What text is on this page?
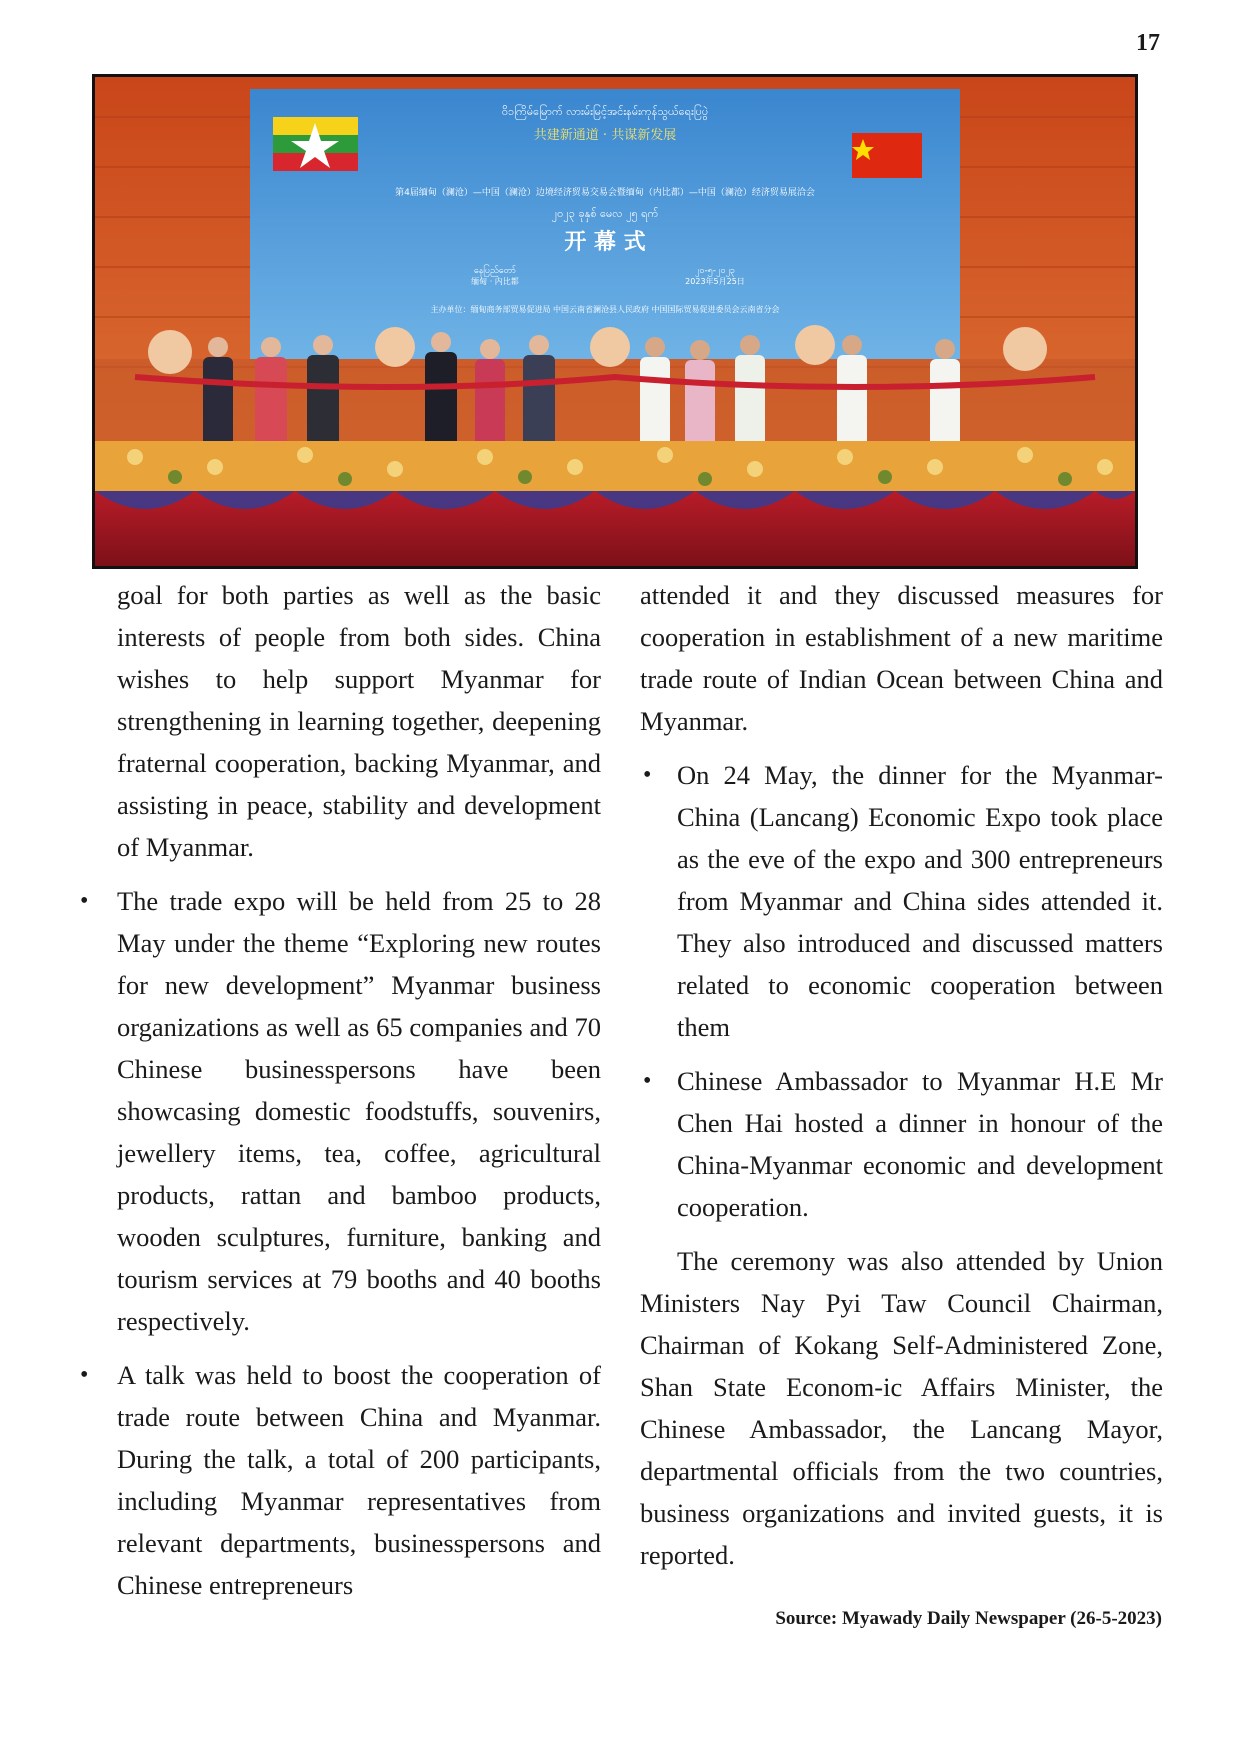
17
ဝိ၁ကြိမ်မြောက် လားမ်းမြင့်အင်းနမ်းကုန်သွယ်ရေးပြပွဲ
共建新通道 · 共谋新发展
第4届缅甸（澜沧）—中国（澜沧）边境经济贸易交易会暨缅甸（内比都）—中国（澜沧）经济贸易展洽会
၂၀၂၃ ခုနှစ် မေလ ၂၅ ရက်
开 幕 式
နေပြည်တော်
缅甸 · 内比都
၂၀-၅-၂၀၂၃
2023年5月25日
主办单位：缅甸商务部贸易促进局 中国云南省澜沧县人民政府 中国国际贸易促进委员会云南省分会

goal for both parties as well as the basic interests of people from both sides. China wishes to help support Myanmar for strengthening in learning together, deepening fraternal cooperation, backing Myanmar, and assisting in peace, stability and development of Myanmar.

• The trade expo will be held from 25 to 28 May under the theme “Exploring new routes for new development” Myanmar business organizations as well as 65 companies and 70 Chinese businesspersons have been showcasing domestic foodstuffs, souvenirs, jewellery items, tea, coffee, agricultural products, rattan and bamboo products, wooden sculptures, furniture, banking and tourism services at 79 booths and 40 booths respectively.
• A talk was held to boost the cooperation of trade route between China and Myanmar. During the talk, a total of 200 participants, including Myanmar representatives from relevant departments, businesspersons and Chinese entrepreneurs

attended it and they discussed measures for cooperation in establishment of a new maritime trade route of Indian Ocean between China and Myanmar.

• On 24 May, the dinner for the Myanmar-China (Lancang) Economic Expo took place as the eve of the expo and 300 entrepreneurs from Myanmar and China sides attended it. They also introduced and discussed matters related to economic cooperation between them
• Chinese Ambassador to Myanmar H.E Mr Chen Hai hosted a dinner in honour of the China-Myanmar economic and development cooperation.

The ceremony was also attended by Union Ministers Nay Pyi Taw Council Chairman, Chairman of Kokang Self-Administered Zone, Shan State Econom-ic Affairs Minister, the Chinese Ambassador, the Lancang Mayor, departmental officials from the two countries, business organizations and invited guests, it is reported.

Source: Myawady Daily Newspaper (26-5-2023)
